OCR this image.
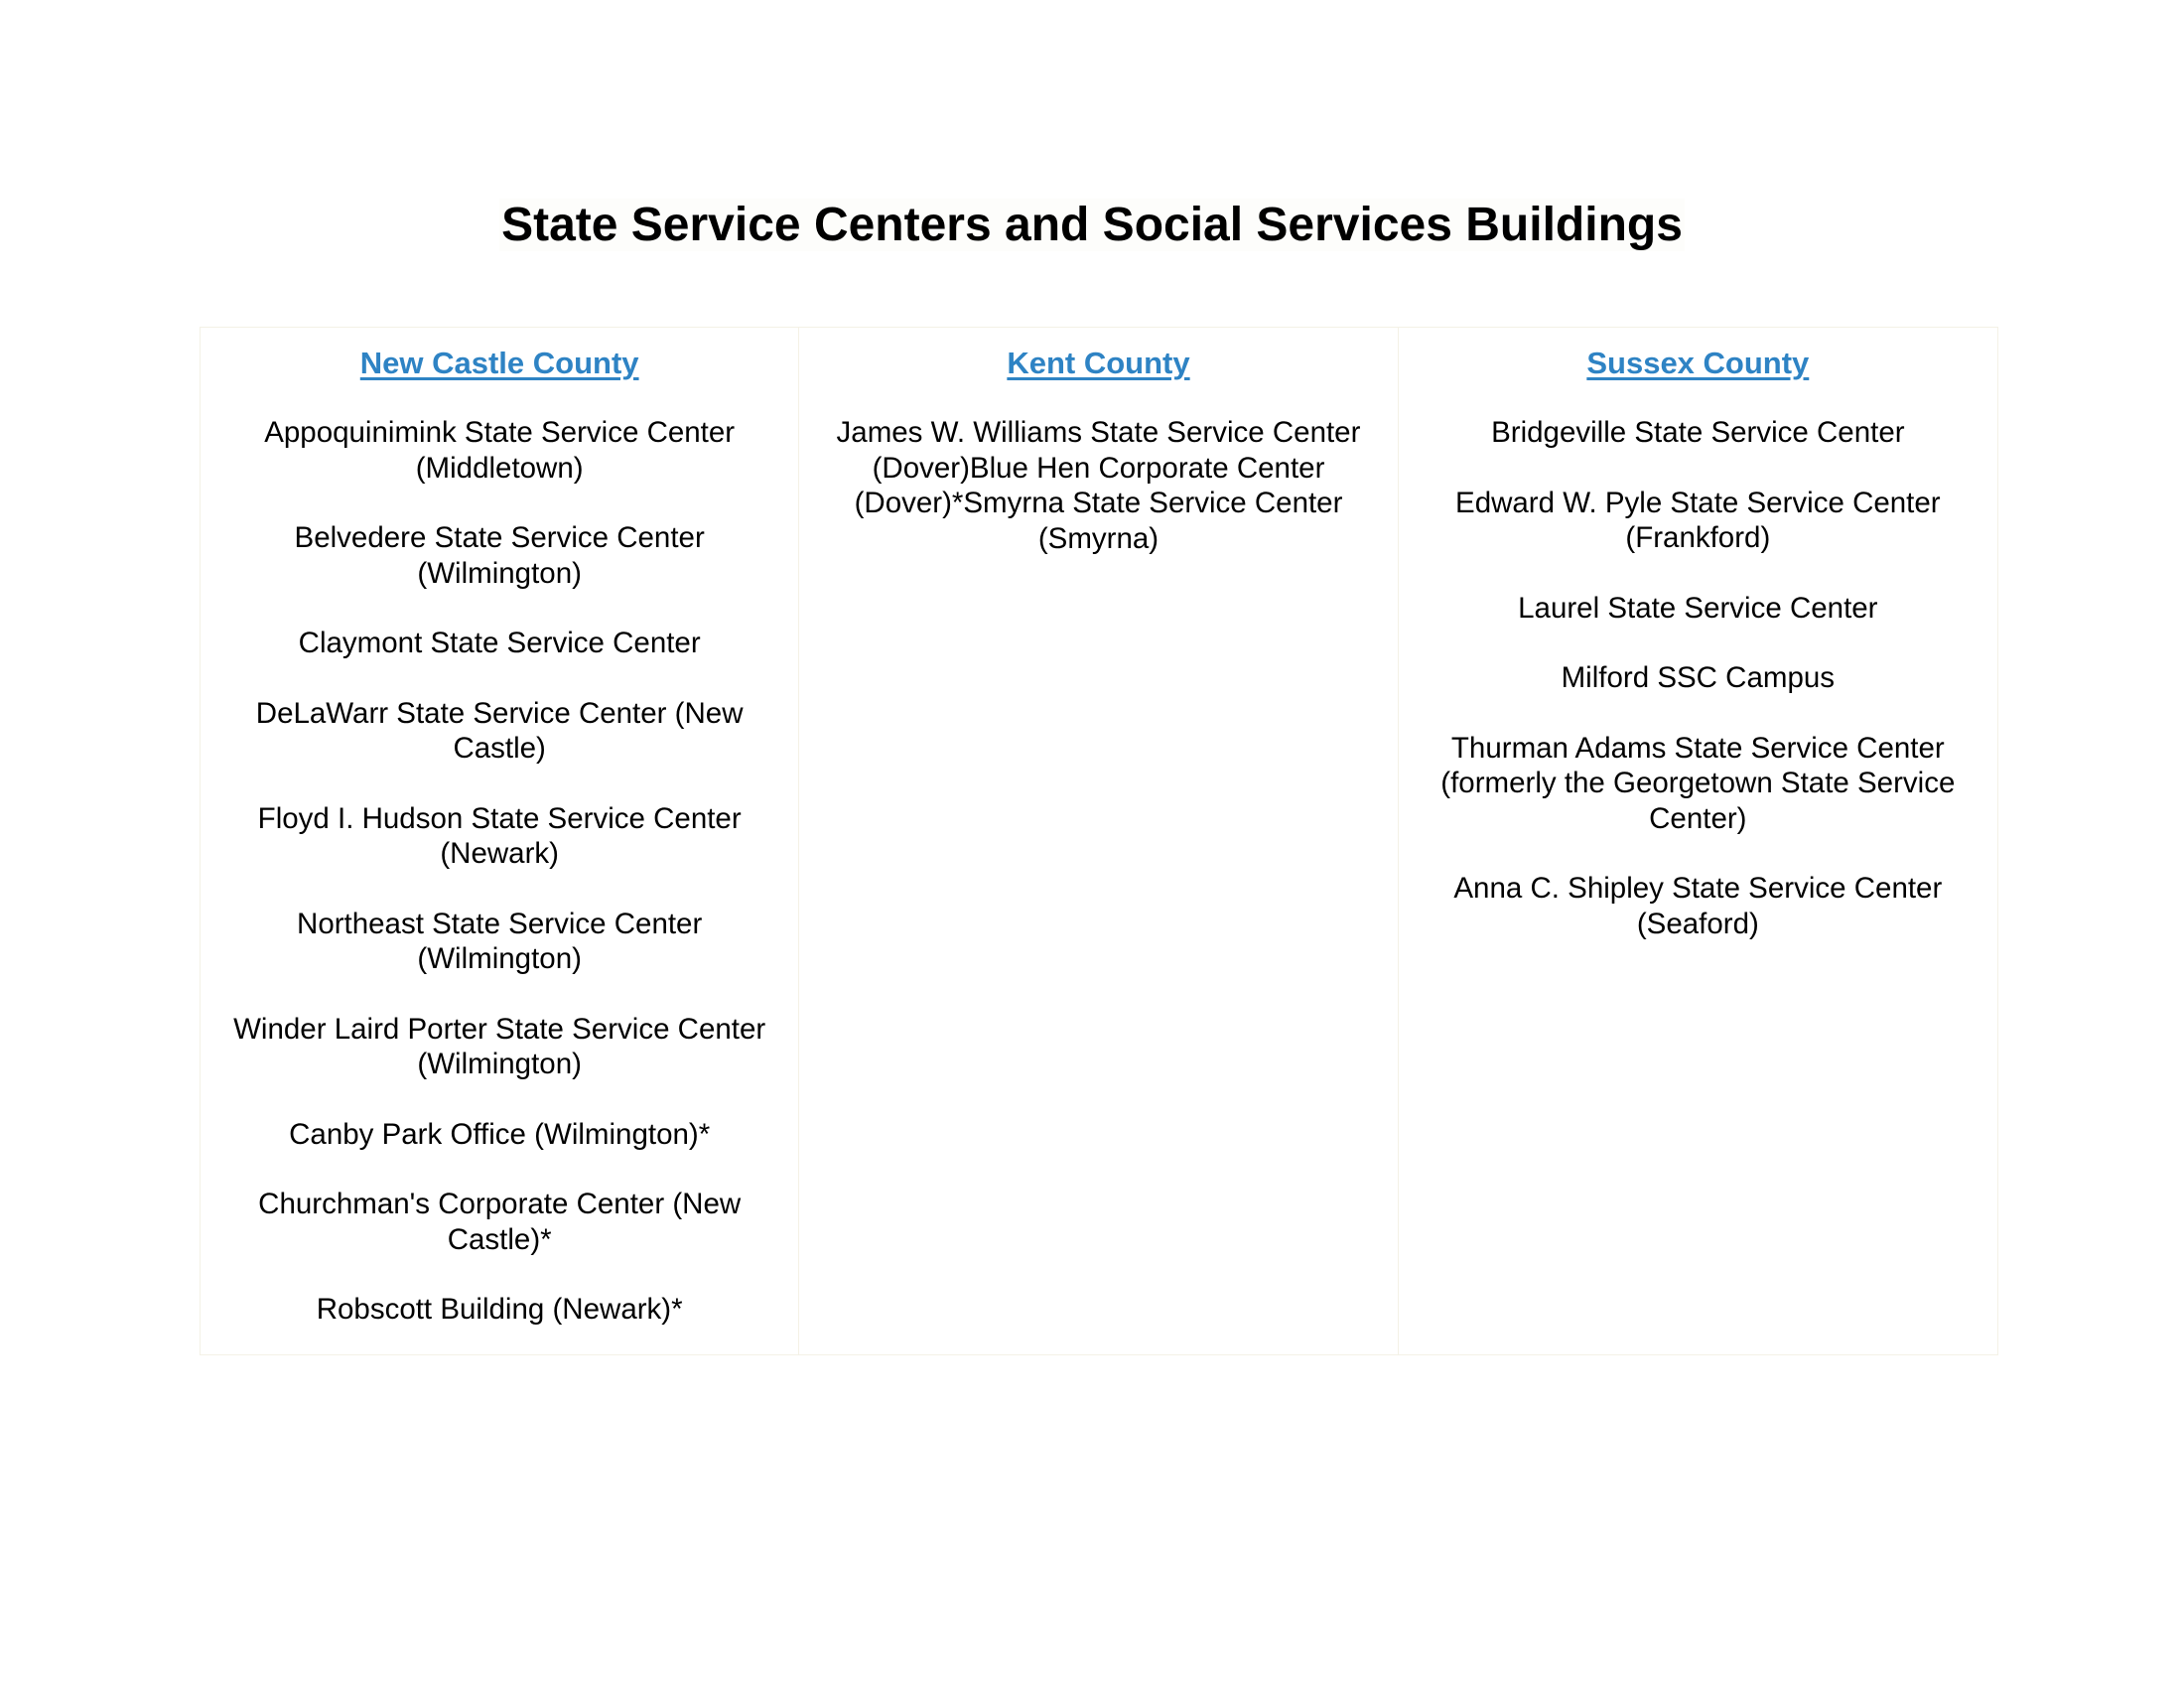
State Service Centers and Social Services Buildings
New Castle County
Appoquinimink State Service Center (Middletown)
Belvedere State Service Center (Wilmington)
Claymont State Service Center
DeLaWarr State Service Center (New Castle)
Floyd I. Hudson State Service Center (Newark)
Northeast State Service Center (Wilmington)
Winder Laird Porter State Service Center (Wilmington)
Canby Park Office (Wilmington)*
Churchman's Corporate Center (New Castle)*
Robscott Building (Newark)*
Kent County
James W. Williams State Service Center (Dover)Blue Hen Corporate Center (Dover)*Smyrna State Service Center (Smyrna)
Sussex County
Bridgeville State Service Center
Edward W. Pyle State Service Center (Frankford)
Laurel State Service Center
Milford SSC Campus
Thurman Adams State Service Center (formerly the Georgetown State Service Center)
Anna C. Shipley State Service Center (Seaford)
